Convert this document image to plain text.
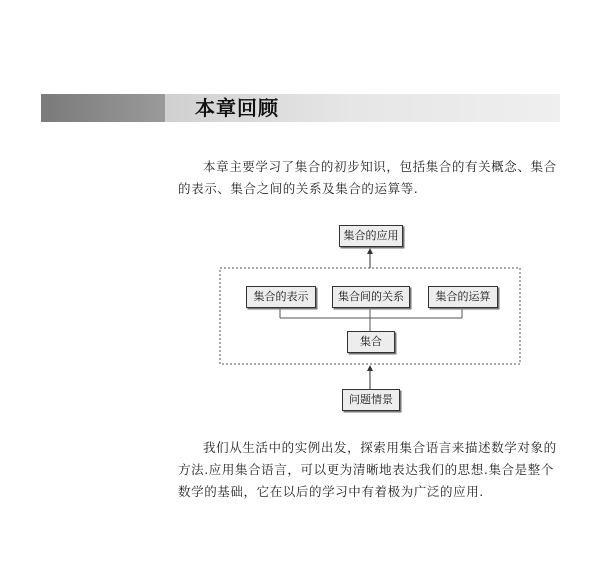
本章回顾

本章主要学习了集合的初步知识，包括集合的有关概念、集合的表示、集合之间的关系及集合的运算等.

集合的应用
集合的表示	集合间的关系	集合的运算
集合
问题情景

我们从生活中的实例出发，探索用集合语言来描述数学对象的方法.应用集合语言，可以更为清晰地表达我们的思想.集合是整个数学的基础，它在以后的学习中有着极为广泛的应用.
